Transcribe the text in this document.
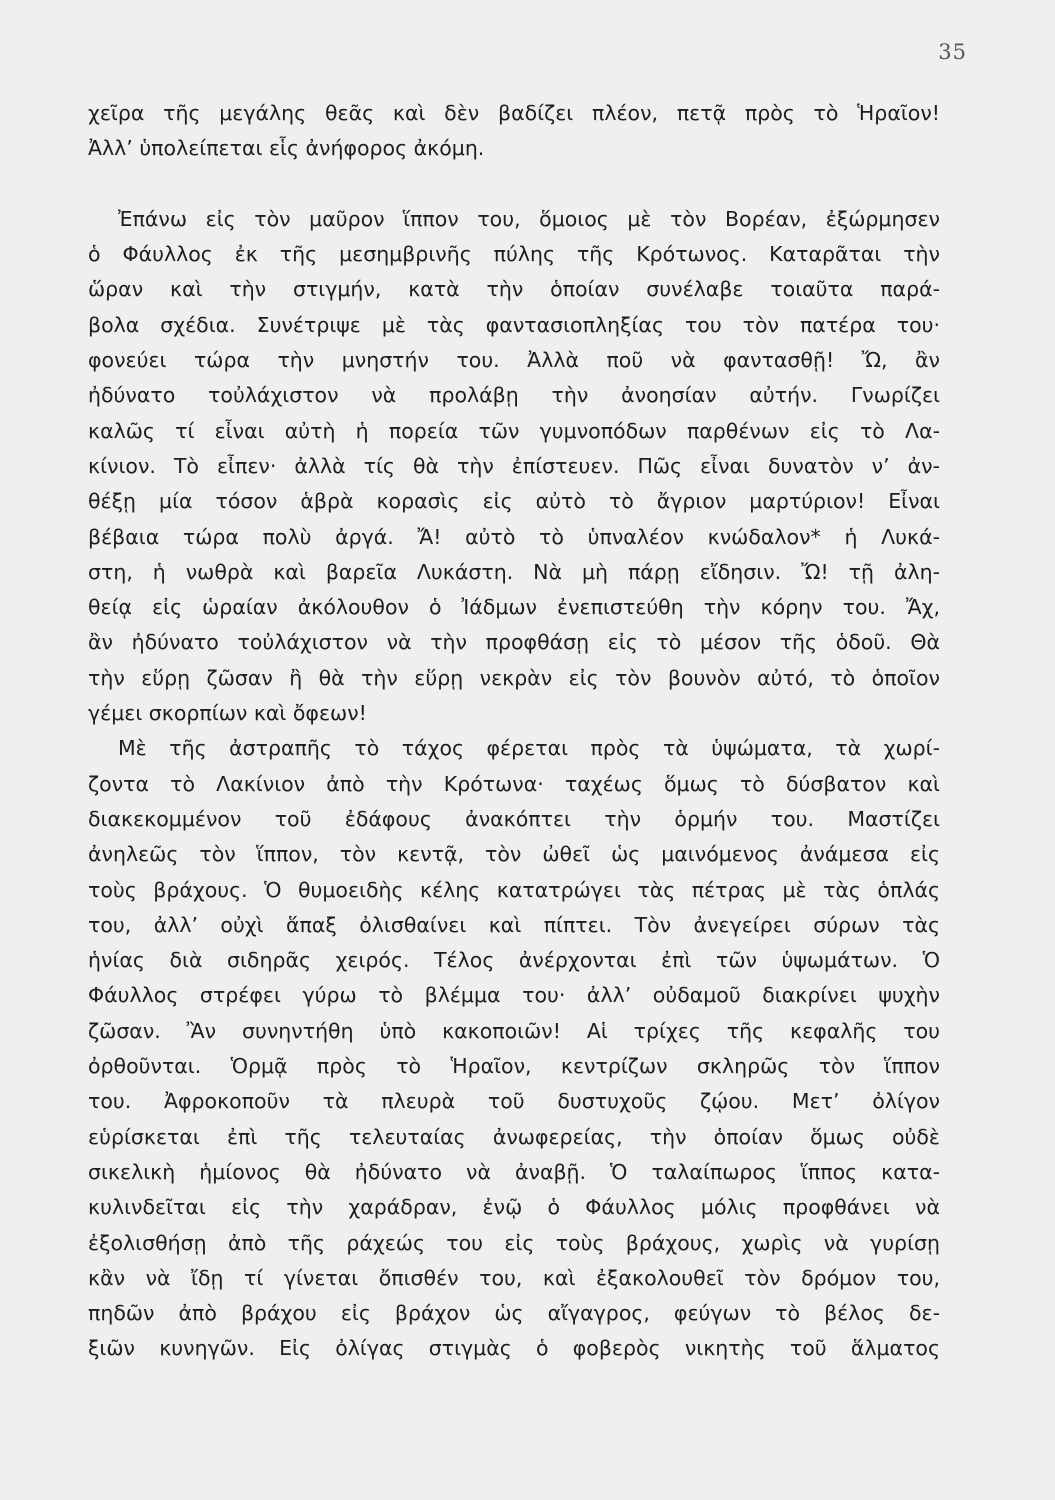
35
χεῖρα τῆς μεγάλης θεᾶς καὶ δὲν βαδίζει πλέον, πετᾷ πρὸς τὸ Ἡραῖον!
Ἀλλ’ ὑπολείπεται εἷς ἀνήφορος ἀκόμη.
Ἐπάνω εἰς τὸν μαῦρον ἵππον του, ὅμοιος μὲ τὸν Βορέαν, ἐξώρμησεν
ὁ Φάυλλος ἐκ τῆς μεσημβρινῆς πύλης τῆς Κρότωνος. Καταρᾶται τὴν
ὥραν καὶ τὴν στιγμήν, κατὰ τὴν ὁποίαν συνέλαβε τοιαῦτα παρά-
βολα σχέδια. Συνέτριψε μὲ τὰς φαντασιοπληξίας του τὸν πατέρα του·
φονεύει τώρα τὴν μνηστήν του. Ἀλλὰ ποῦ νὰ φαντασθῇ! Ὤ, ἂν
ἠδύνατο τοὐλάχιστον νὰ προλάβῃ τὴν ἀνοησίαν αὐτήν. Γνωρίζει
καλῶς τί εἶναι αὐτὴ ἡ πορεία τῶν γυμνοπόδων παρθένων εἰς τὸ Λα-
κίνιον. Τὸ εἶπεν· ἀλλὰ τίς θὰ τὴν ἐπίστευεν. Πῶς εἶναι δυνατὸν ν’ ἀν-
θέξῃ μία τόσον ἁβρὰ κορασὶς εἰς αὐτὸ τὸ ἄγριον μαρτύριον! Εἶναι
βέβαια τώρα πολὺ ἀργά. Ἄ! αὐτὸ τὸ ὑπναλέον κνώδαλον* ἡ Λυκά-
στη, ἡ νωθρὰ καὶ βαρεῖα Λυκάστη. Νὰ μὴ πάρῃ εἴδησιν. Ὤ! τῇ ἀλη-
θείᾳ εἰς ὡραίαν ἀκόλουθον ὁ Ἰάδμων ἐνεπιστεύθη τὴν κόρην του. Ἄχ,
ἂν ἠδύνατο τοὐλάχιστον νὰ τὴν προφθάσῃ εἰς τὸ μέσον τῆς ὁδοῦ. Θὰ
τὴν εὕρῃ ζῶσαν ἢ θὰ τὴν εὕρῃ νεκρὰν εἰς τὸν βουνὸν αὐτό, τὸ ὁποῖον
γέμει σκορπίων καὶ ὄφεων!
Μὲ τῆς ἀστραπῆς τὸ τάχος φέρεται πρὸς τὰ ὑψώματα, τὰ χωρί-
ζοντα τὸ Λακίνιον ἀπὸ τὴν Κρότωνα· ταχέως ὅμως τὸ δύσβατον καὶ
διακεκομμένον τοῦ ἐδάφους ἀνακόπτει τὴν ὁρμήν του. Μαστίζει
ἀνηλεῶς τὸν ἵππον, τὸν κεντᾷ, τὸν ὠθεῖ ὡς μαινόμενος ἀνάμεσα εἰς
τοὺς βράχους. Ὁ θυμοειδὴς κέλης κατατρώγει τὰς πέτρας μὲ τὰς ὁπλάς
του, ἀλλ’ οὐχὶ ἅπαξ ὀλισθαίνει καὶ πίπτει. Τὸν ἀνεγείρει σύρων τὰς
ἡνίας διὰ σιδηρᾶς χειρός. Τέλος ἀνέρχονται ἐπὶ τῶν ὑψωμάτων. Ὁ
Φάυλλος στρέφει γύρω τὸ βλέμμα του· ἀλλ’ οὐδαμοῦ διακρίνει ψυχὴν
ζῶσαν. Ἂν συνηντήθη ὑπὸ κακοποιῶν! Αἱ τρίχες τῆς κεφαλῆς του
ὀρθοῦνται. Ὁρμᾷ πρὸς τὸ Ἡραῖον, κεντρίζων σκληρῶς τὸν ἵππον
του. Ἀφροκοποῦν τὰ πλευρὰ τοῦ δυστυχοῦς ζῴου. Μετ’ ὀλίγον
εὑρίσκεται ἐπὶ τῆς τελευταίας ἀνωφερείας, τὴν ὁποίαν ὅμως οὐδὲ
σικελικὴ ἡμίονος θὰ ἠδύνατο νὰ ἀναβῇ. Ὁ ταλαίπωρος ἵππος κατα-
κυλινδεῖται εἰς τὴν χαράδραν, ἐνῷ ὁ Φάυλλος μόλις προφθάνει νὰ
ἐξολισθήσῃ ἀπὸ τῆς ράχεώς του εἰς τοὺς βράχους, χωρὶς νὰ γυρίσῃ
κἂν νὰ ἴδῃ τί γίνεται ὄπισθέν του, καὶ ἐξακολουθεῖ τὸν δρόμον του,
πηδῶν ἀπὸ βράχου εἰς βράχον ὡς αἴγαγρος, φεύγων τὸ βέλος δε-
ξιῶν κυνηγῶν. Εἰς ὀλίγας στιγμὰς ὁ φοβερὸς νικητὴς τοῦ ἅλματος
